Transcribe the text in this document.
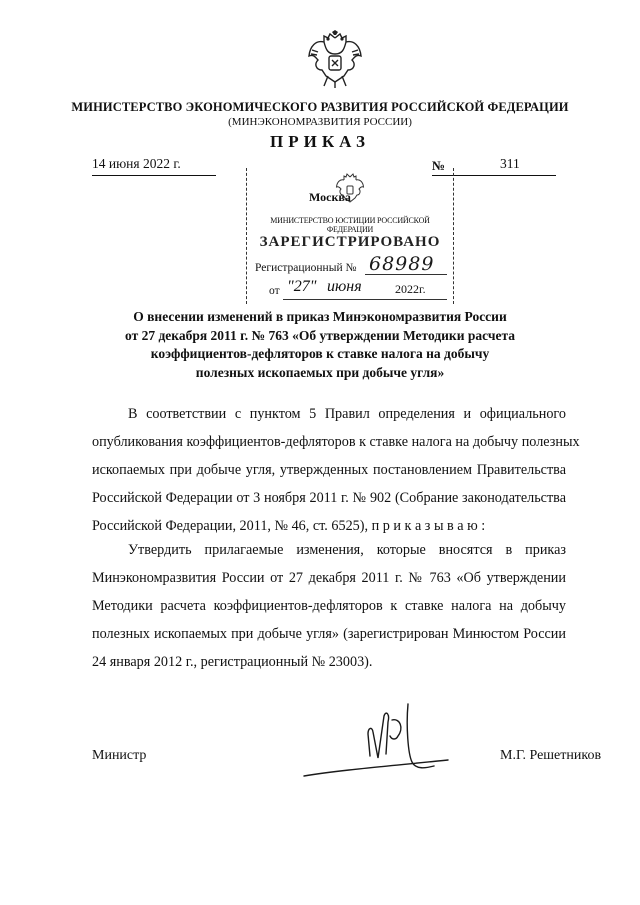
МИНИСТЕРСТВО ЭКОНОМИЧЕСКОГО РАЗВИТИЯ РОССИЙСКОЙ ФЕДЕРАЦИИ
(МИНЭКОНОМРАЗВИТИЯ РОССИИ)
ПРИКАЗ
14 июня 2022 г.	№	311
Москва
МИНИСТЕРСТВО ЮСТИЦИИ РОССИЙСКОЙ ФЕДЕРАЦИИ
ЗАРЕГИСТРИРОВАНО
Регистрационный № 68989
от "27" июня	2022г.
О внесении изменений в приказ Минэкономразвития России
от 27 декабря 2011 г. № 763 «Об утверждении Методики расчета
коэффициентов-дефляторов к ставке налога на добычу
полезных ископаемых при добыче угля»
В соответствии с пунктом 5 Правил определения и официального
опубликования коэффициентов-дефляторов к ставке налога на добычу полезных
ископаемых при добыче угля, утвержденных постановлением Правительства
Российской Федерации от 3 ноября 2011 г. № 902 (Собрание законодательства
Российской Федерации, 2011, № 46, ст. 6525), п р и к а з ы в а ю :
Утвердить прилагаемые изменения, которые вносятся в приказ
Минэкономразвития России от 27 декабря 2011 г. № 763 «Об утверждении
Методики расчета коэффициентов-дефляторов к ставке налога на добычу
полезных ископаемых при добыче угля» (зарегистрирован Минюстом России
24 января 2012 г., регистрационный № 23003).
Министр	М.Г. Решетников
